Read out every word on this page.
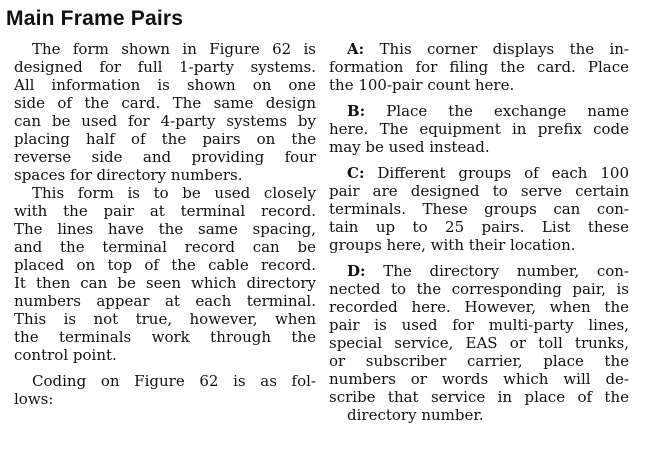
Main Frame Pairs
The form shown in Figure 62 is
designed for full 1-party systems.
All information is shown on one
side of the card. The same design
can be used for 4-party systems by
placing half of the pairs on the
reverse side and providing four
spaces for directory numbers.
This form is to be used closely
with the pair at terminal record.
The lines have the same spacing,
and the terminal record can be
placed on top of the cable record.
It then can be seen which directory
numbers appear at each terminal.
This is not true, however, when
the terminals work through the
control point.
Coding on Figure 62 is as fol-
lows:
A: This corner displays the in-
formation for filing the card. Place
the 100-pair count here.
B: Place the exchange name
here. The equipment in prefix code
may be used instead.
C: Different groups of each 100
pair are designed to serve certain
terminals. These groups can con-
tain up to 25 pairs. List these
groups here, with their location.
D: The directory number, con-
nected to the corresponding pair, is
recorded here. However, when the
pair is used for multi-party lines,
special service, EAS or toll trunks,
or subscriber carrier, place the
numbers or words which will de-
scribe that service in place of the
directory number.
